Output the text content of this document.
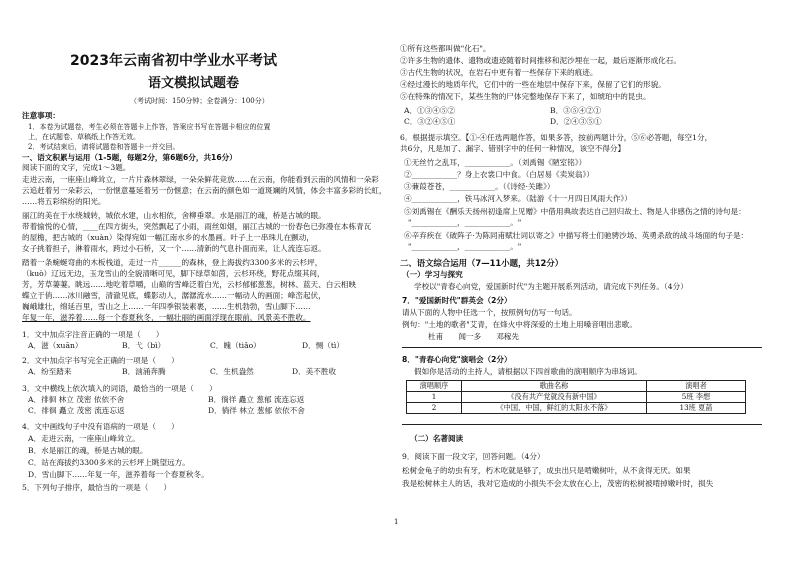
2023年云南省初中学业水平考试
语文模拟试题卷
（考试时间：150分钟；全卷满分：100分）
注意事项：
1．本卷为试题卷，考生必须在答题卡上作答，答案应书写在答题卡相应的位置
上，在试题卷、草稿纸上作答无效。
2．考试结束后，请将试题卷和答题卡一并交回。
一、语文积累与运用（1-5题，每题2分，第6题6分，共16分）
阅读下面的文字，完成1～3题。
走进云南，一座座山峰耸立，一片片森林翠绿，一朵朵鲜花竞放……在云南，你能看到云南的风情和一朵彩
云追赶着另一朵彩云，一份惬意蔓延着另一份惬意；在云南的颜色如一道斑斓的风情，体会丰富多彩的长虹，
……将五彩缤纷的阳光。
丽江的美在于水绕城转，城依水建，山水相依，舍柳垂翠。水是丽江的魂，桥是古城的眼。
带着愉悦的心情，____在四方街头，突然飘起了小雨，雨丝如烟，丽江古城的一份春色已弥漫在本栋青瓦
的屋檐，把古城的（xuàn）染得宛如一幅江南水乡的水墨画。叶子上一串珠儿在颤动，
女子挑着担子，淋着雨水，跨过小石桥，又一个……清新的气息扑面而来，让人流连忘返。
踏着一条蜿蜒弯曲的木板栈道，走过一片______的森林，登上海拔约3300多米的云杉坪，
（kuò）辽远无边，玉龙雪山的全貌清晰可见，脚下绿草如茵，云杉环绕，野花点缀其间，
芳，芳草萋萋。眺远……地吃着草嚼，山巅的雪峰泛着白光，云杉郁郁葱葱，树林、蓝天、白云相映
蝶立于俏……冰川融雪，清澈见底，蝶影动人，潺潺流水……一幅动人的画面；峰峦起伏，
巍峨雄壮，绵延百里，雪山之上……一年四季银装素裹，……生机勃勃，雪山脚下……
年复一年，滋养着……每一个春夏秋冬，一幅壮丽的画面浮现在眼前，风景美不胜收。
1．文中加点字注音正确的一项是（　　）
A．滋（xuān）	B．弋（bì）	C．魄（tiǎo）	D．恻（tì）
2．文中加点字书写完全正确的一项是（　　）
A．纷至踏来	B．汹涌奔腾	C．生机盎然	D．美不胜收
3．文中横线上依次填入的词语，最恰当的一项是（　　）
A．徘徊 林立 茂密 依依不舍	B．徜徉 矗立 葱郁 流连忘返
C．徘徊 矗立 茂密 流连忘返	D．徜徉 林立 葱郁 依依不舍
4．文中画线句子中没有语病的一项是（　　）
A．走进云南，一座座山峰耸立。
B．水是丽江的魂，桥是古城的眼。
C．站在海拔约3300多米的云杉坪上眺望远方。
D．雪山脚下……年复一年，滋养着每一个春夏秋冬。
5．下列句子排序，最恰当的一项是（　　）
①所有这些都叫做"化石"。
②许多生物的遗体、遗物或遗迹随着时间推移和泥沙埋在一起，最后逐渐形成化石。
③古代生物的状况，在岩石中更有着一些保存下来的痕迹。
④经过漫长的地质年代，它们中的一些在地层中保存下来，保留了它们的形貌。
⑤在特殊的情况下，某些生物的尸体完整地保存下来了，如琥珀中的昆虫。
A．①③④⑤②	B．③⑤④②①
C．③②④⑤①	D．②④③⑤①
6．根据提示填空。【①-④任选两题作答，如果多答，按前两题计分，⑤⑥必答题，每空1分，
共6分，凡是加了、漏字、错别字中的任何一种情况，该空不得分】
①无丝竹之乱耳，____________。（刘禹锡《陋室铭》）
②____________？身上衣裳口中食。（白居易《卖炭翁》）
③蒹葭苍苍，____________。（《诗经·关雎》）
④____________，铁马冰河入梦来。（陆游《十一月四日风雨大作》）
⑤刘禹锡在《酬乐天扬州初逢席上见赠》中借用典故表达自己回归故土、物是人非感伤之情的诗句是：
"____________，____________。"
⑥辛弃疾在《破阵子·为陈同甫赋壮词以寄之》中描写将士们驰骋沙场、英勇杀敌的战斗场面的句子是：
"____________，____________。"
二、语文综合运用（7—11小题，共12分）
（一）学习与探究
学校以"青春心向党，爱国新时代"为主题开展系列活动，请完成下列任务。（4分）
7．"爱国新时代"群英会（2分）
请从下面的人物中任选一个，按照例句仿写一句话。
例句："土地的歌者"艾青，在烽火中将深爱的土地上用嗓音唱出悲歌。
杜甫　　闻一多　　邓稼先
8．"青春心向党"演唱会（2分）
假如你是活动的主持人，请根据以下四首歌曲的演唱顺序为串场词。
演唱顺序	歌曲名称	演唱者
1	《没有共产党就没有新中国》	5班 李想
2	《中国、中国，鲜红的太阳永不落》	13班 夏菡
（二）名著阅读
9．阅读下面一段文字，回答问题。（4分）
松树金龟子的幼虫有牙，朽木吃就是够了，成虫出只是啃嫩树叶，从不贪得无厌。如果
我是松树林主人的话，我对它造成的小损失不会太放在心上，茂密的松树被啃掉嫩叶时，损失
1
